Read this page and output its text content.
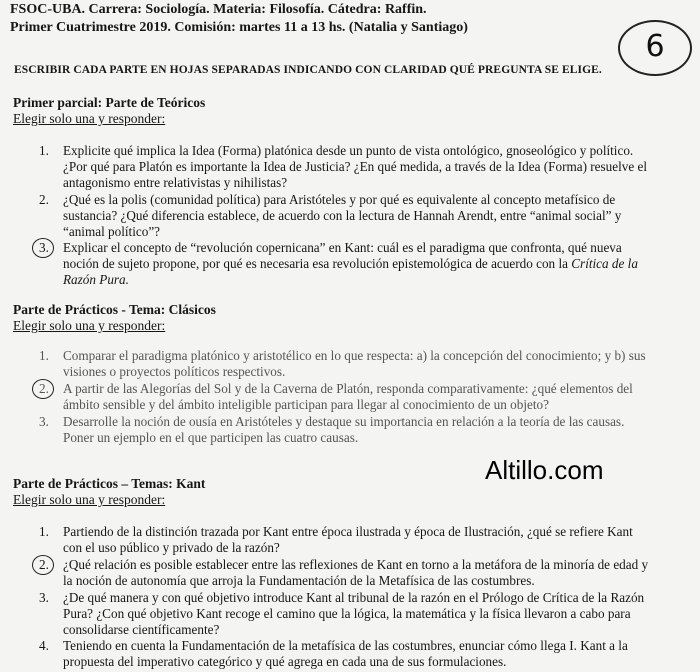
FSOC-UBA. Carrera: Sociología. Materia: Filosofía. Cátedra: Raffin.
Primer Cuatrimestre 2019. Comisión: martes 11 a 13 hs. (Natalia y Santiago)
6
ESCRIBIR CADA PARTE EN HOJAS SEPARADAS INDICANDO CON CLARIDAD QUÉ PREGUNTA SE ELIGE.
Primer parcial: Parte de Teóricos
Elegir solo una y responder:
1.	Explicite qué implica la Idea (Forma) platónica desde un punto de vista ontológico, gnoseológico y político.
¿Por qué para Platón es importante la Idea de Justicia? ¿En qué medida, a través de la Idea (Forma) resuelve el
antagonismo entre relativistas y nihilistas?
2.	¿Qué es la polis (comunidad política) para Aristóteles y por qué es equivalente al concepto metafísico de
sustancia? ¿Qué diferencia establece, de acuerdo con la lectura de Hannah Arendt, entre “animal social” y
“animal político”?
3.	Explicar el concepto de “revolución copernicana” en Kant: cuál es el paradigma que confronta, qué nueva
noción de sujeto propone, por qué es necesaria esa revolución epistemológica de acuerdo con la Crítica de la
Razón Pura.
Parte de Prácticos - Tema: Clásicos
Elegir solo una y responder:
1.	Comparar el paradigma platónico y aristotélico en lo que respecta: a) la concepción del conocimiento; y b) sus
visiones o proyectos políticos respectivos.
2.	A partir de las Alegorías del Sol y de la Caverna de Platón, responda comparativamente: ¿qué elementos del
ámbito sensible y del ámbito inteligible participan para llegar al conocimiento de un objeto?
3.	Desarrolle la noción de ousía en Aristóteles y destaque su importancia en relación a la teoría de las causas.
Poner un ejemplo en el que participen las cuatro causas.
Altillo.com
Parte de Prácticos – Temas: Kant
Elegir solo una y responder:
1.	Partiendo de la distinción trazada por Kant entre época ilustrada y época de Ilustración, ¿qué se refiere Kant
con el uso público y privado de la razón?
2.	¿Qué relación es posible establecer entre las reflexiones de Kant en torno a la metáfora de la minoría de edad y
la noción de autonomía que arroja la Fundamentación de la Metafísica de las costumbres.
3.	¿De qué manera y con qué objetivo introduce Kant al tribunal de la razón en el Prólogo de Crítica de la Razón
Pura? ¿Con qué objetivo Kant recoge el camino que la lógica, la matemática y la física llevaron a cabo para
consolidarse científicamente?
4.	Teniendo en cuenta la Fundamentación de la metafísica de las costumbres, enunciar cómo llega I. Kant a la
propuesta del imperativo categórico y qué agrega en cada una de sus formulaciones.
